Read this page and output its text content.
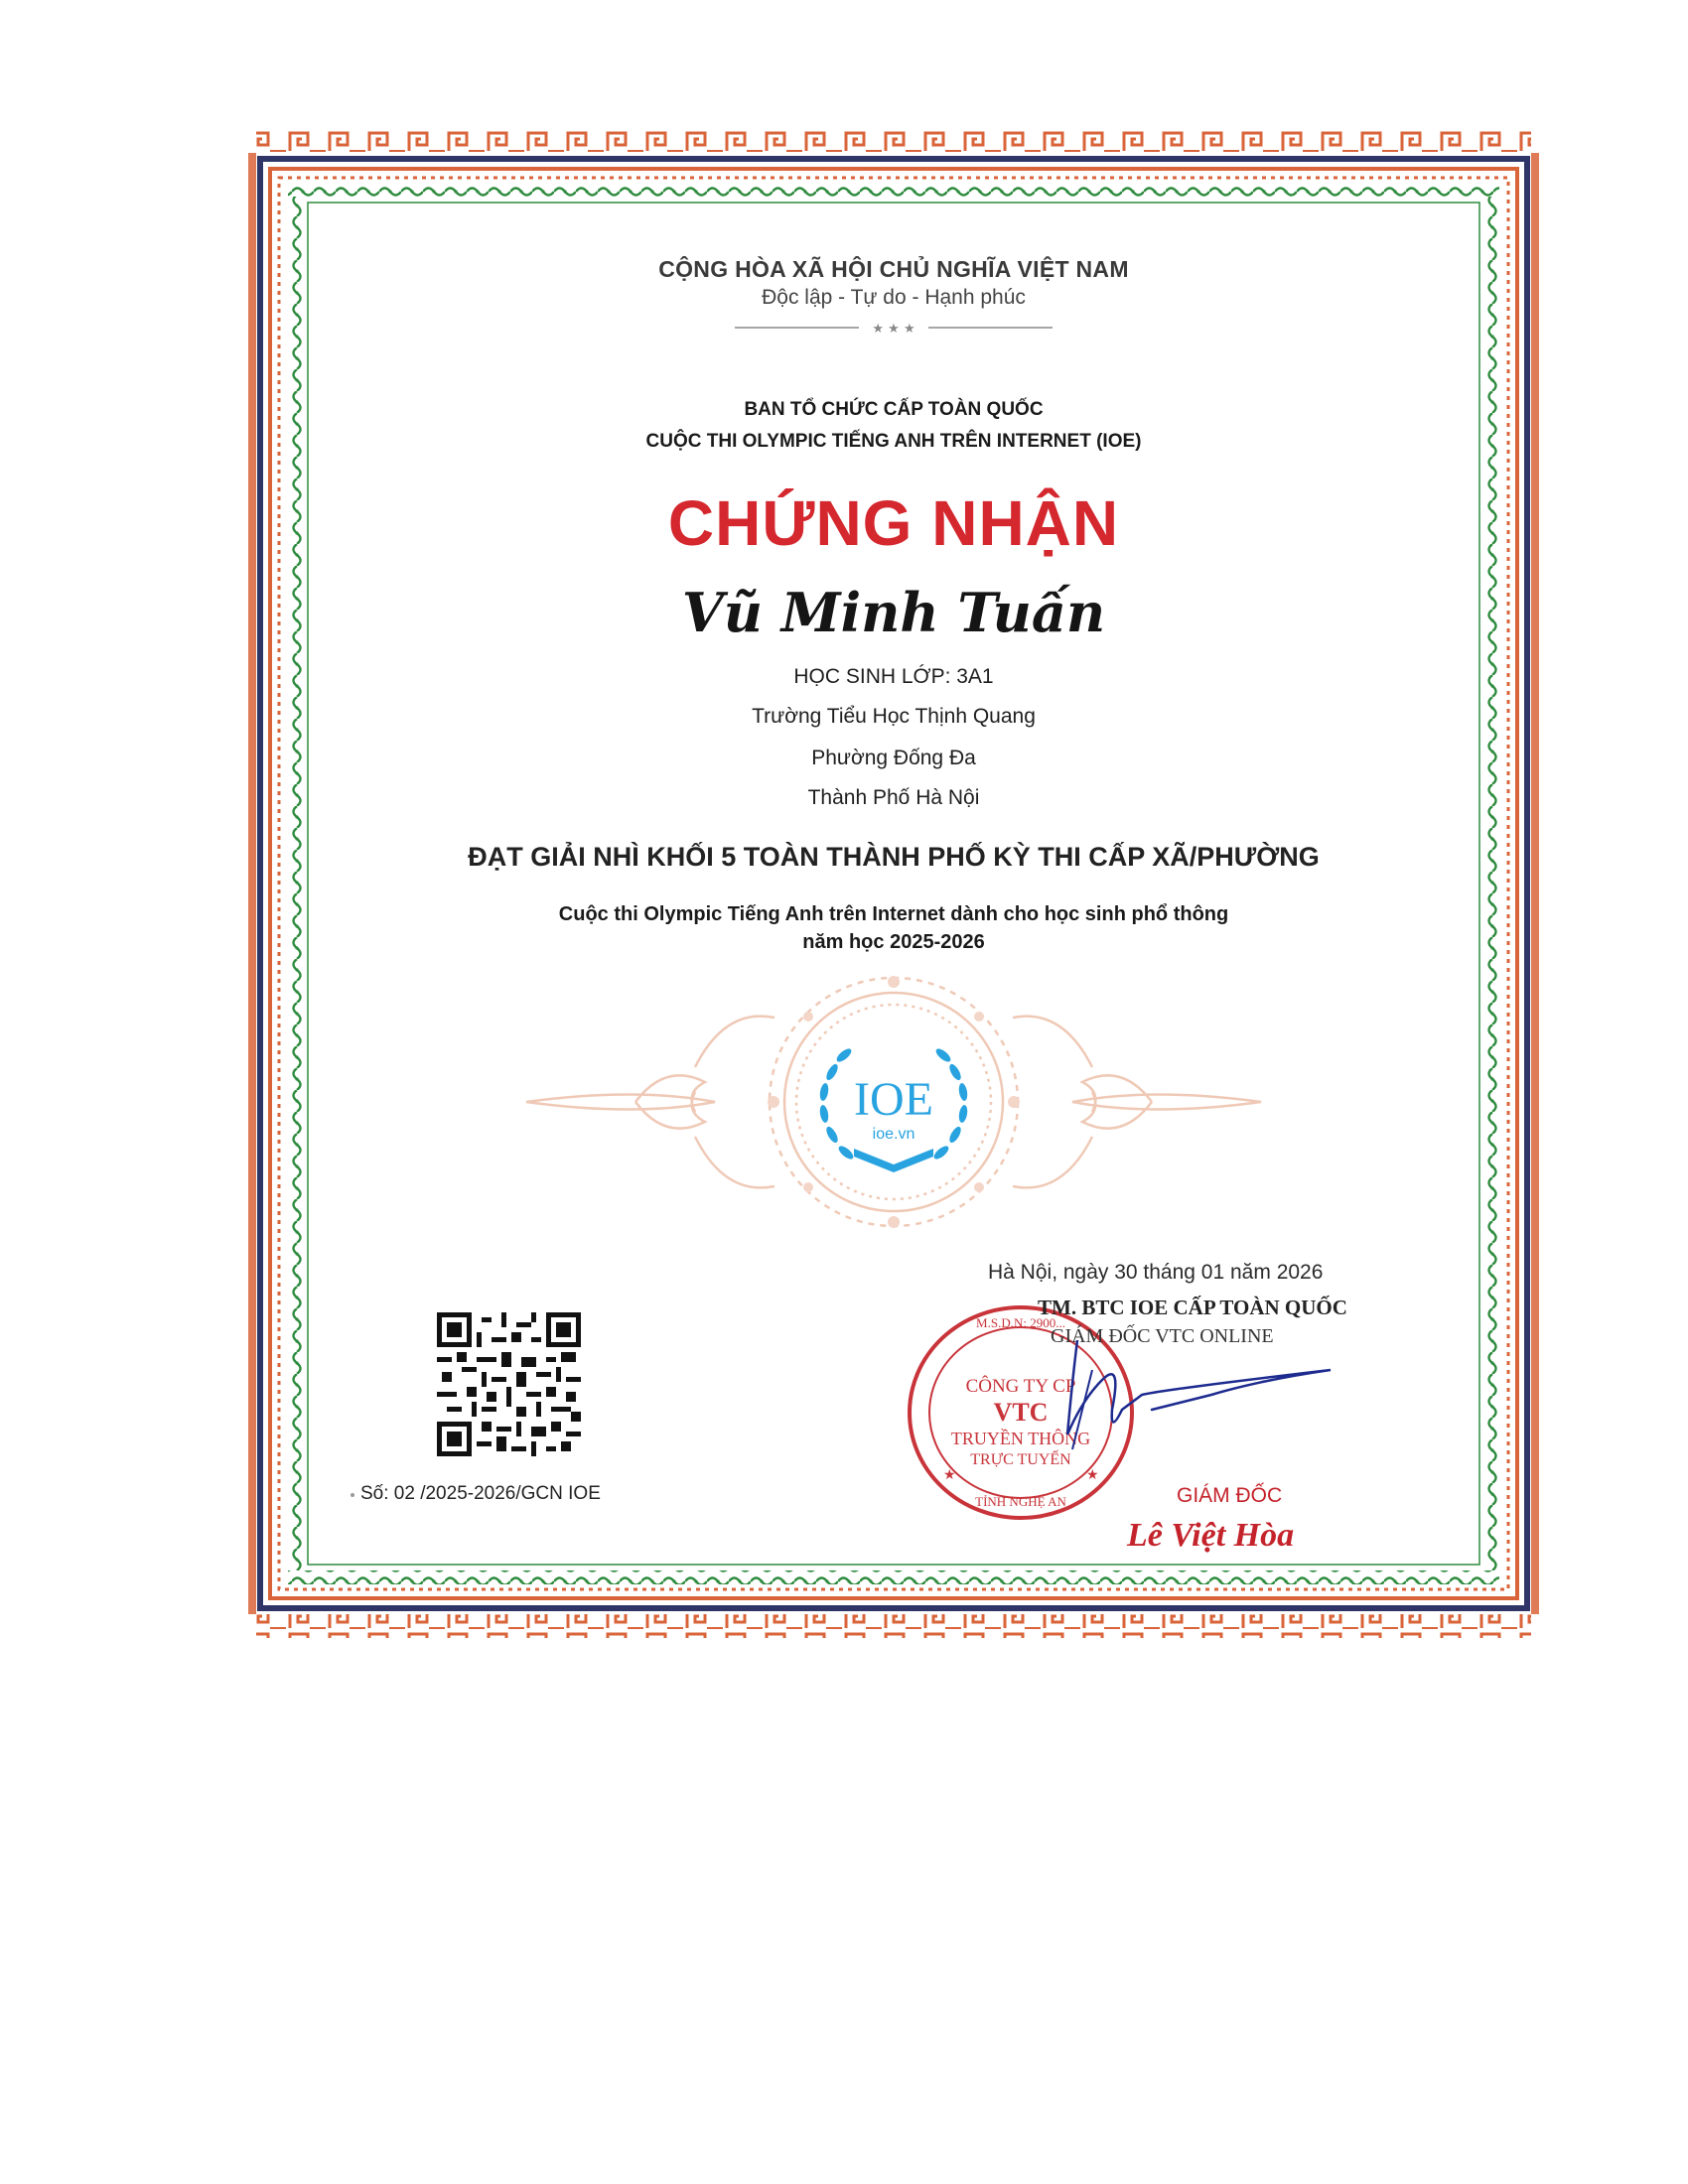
CỘNG HÒA XÃ HỘI CHỦ NGHĨA VIỆT NAM
Độc lập - Tự do - Hạnh phúc
★ ★ ★
BAN TỔ CHỨC CẤP TOÀN QUỐC
CUỘC THI OLYMPIC TIẾNG ANH TRÊN INTERNET (IOE)
CHỨNG NHẬN
Vũ Minh Tuấn
HỌC SINH LỚP: 3A1
Trường Tiểu Học Thịnh Quang
Phường Đống Đa
Thành Phố Hà Nội
ĐẠT GIẢI NHÌ KHỐI 5 TOÀN THÀNH PHỐ KỲ THI CẤP XÃ/PHƯỜNG
Cuộc thi Olympic Tiếng Anh trên Internet dành cho học sinh phổ thông
năm học 2025-2026
IOE
ioe.vn
Hà Nội, ngày 30 tháng 01 năm 2026
M.S.D.N: 2900...
CÔNG TY CP
VTC
TRUYỀN THÔNG
TRỰC TUYẾN
TỈNH NGHỆ AN
★	★
TM. BTC IOE CẤP TOÀN QUỐC
GIÁM ĐỐC VTC ONLINE
GIÁM ĐỐC
Lê Việt Hòa
Số: 02 /2025-2026/GCN IOE
